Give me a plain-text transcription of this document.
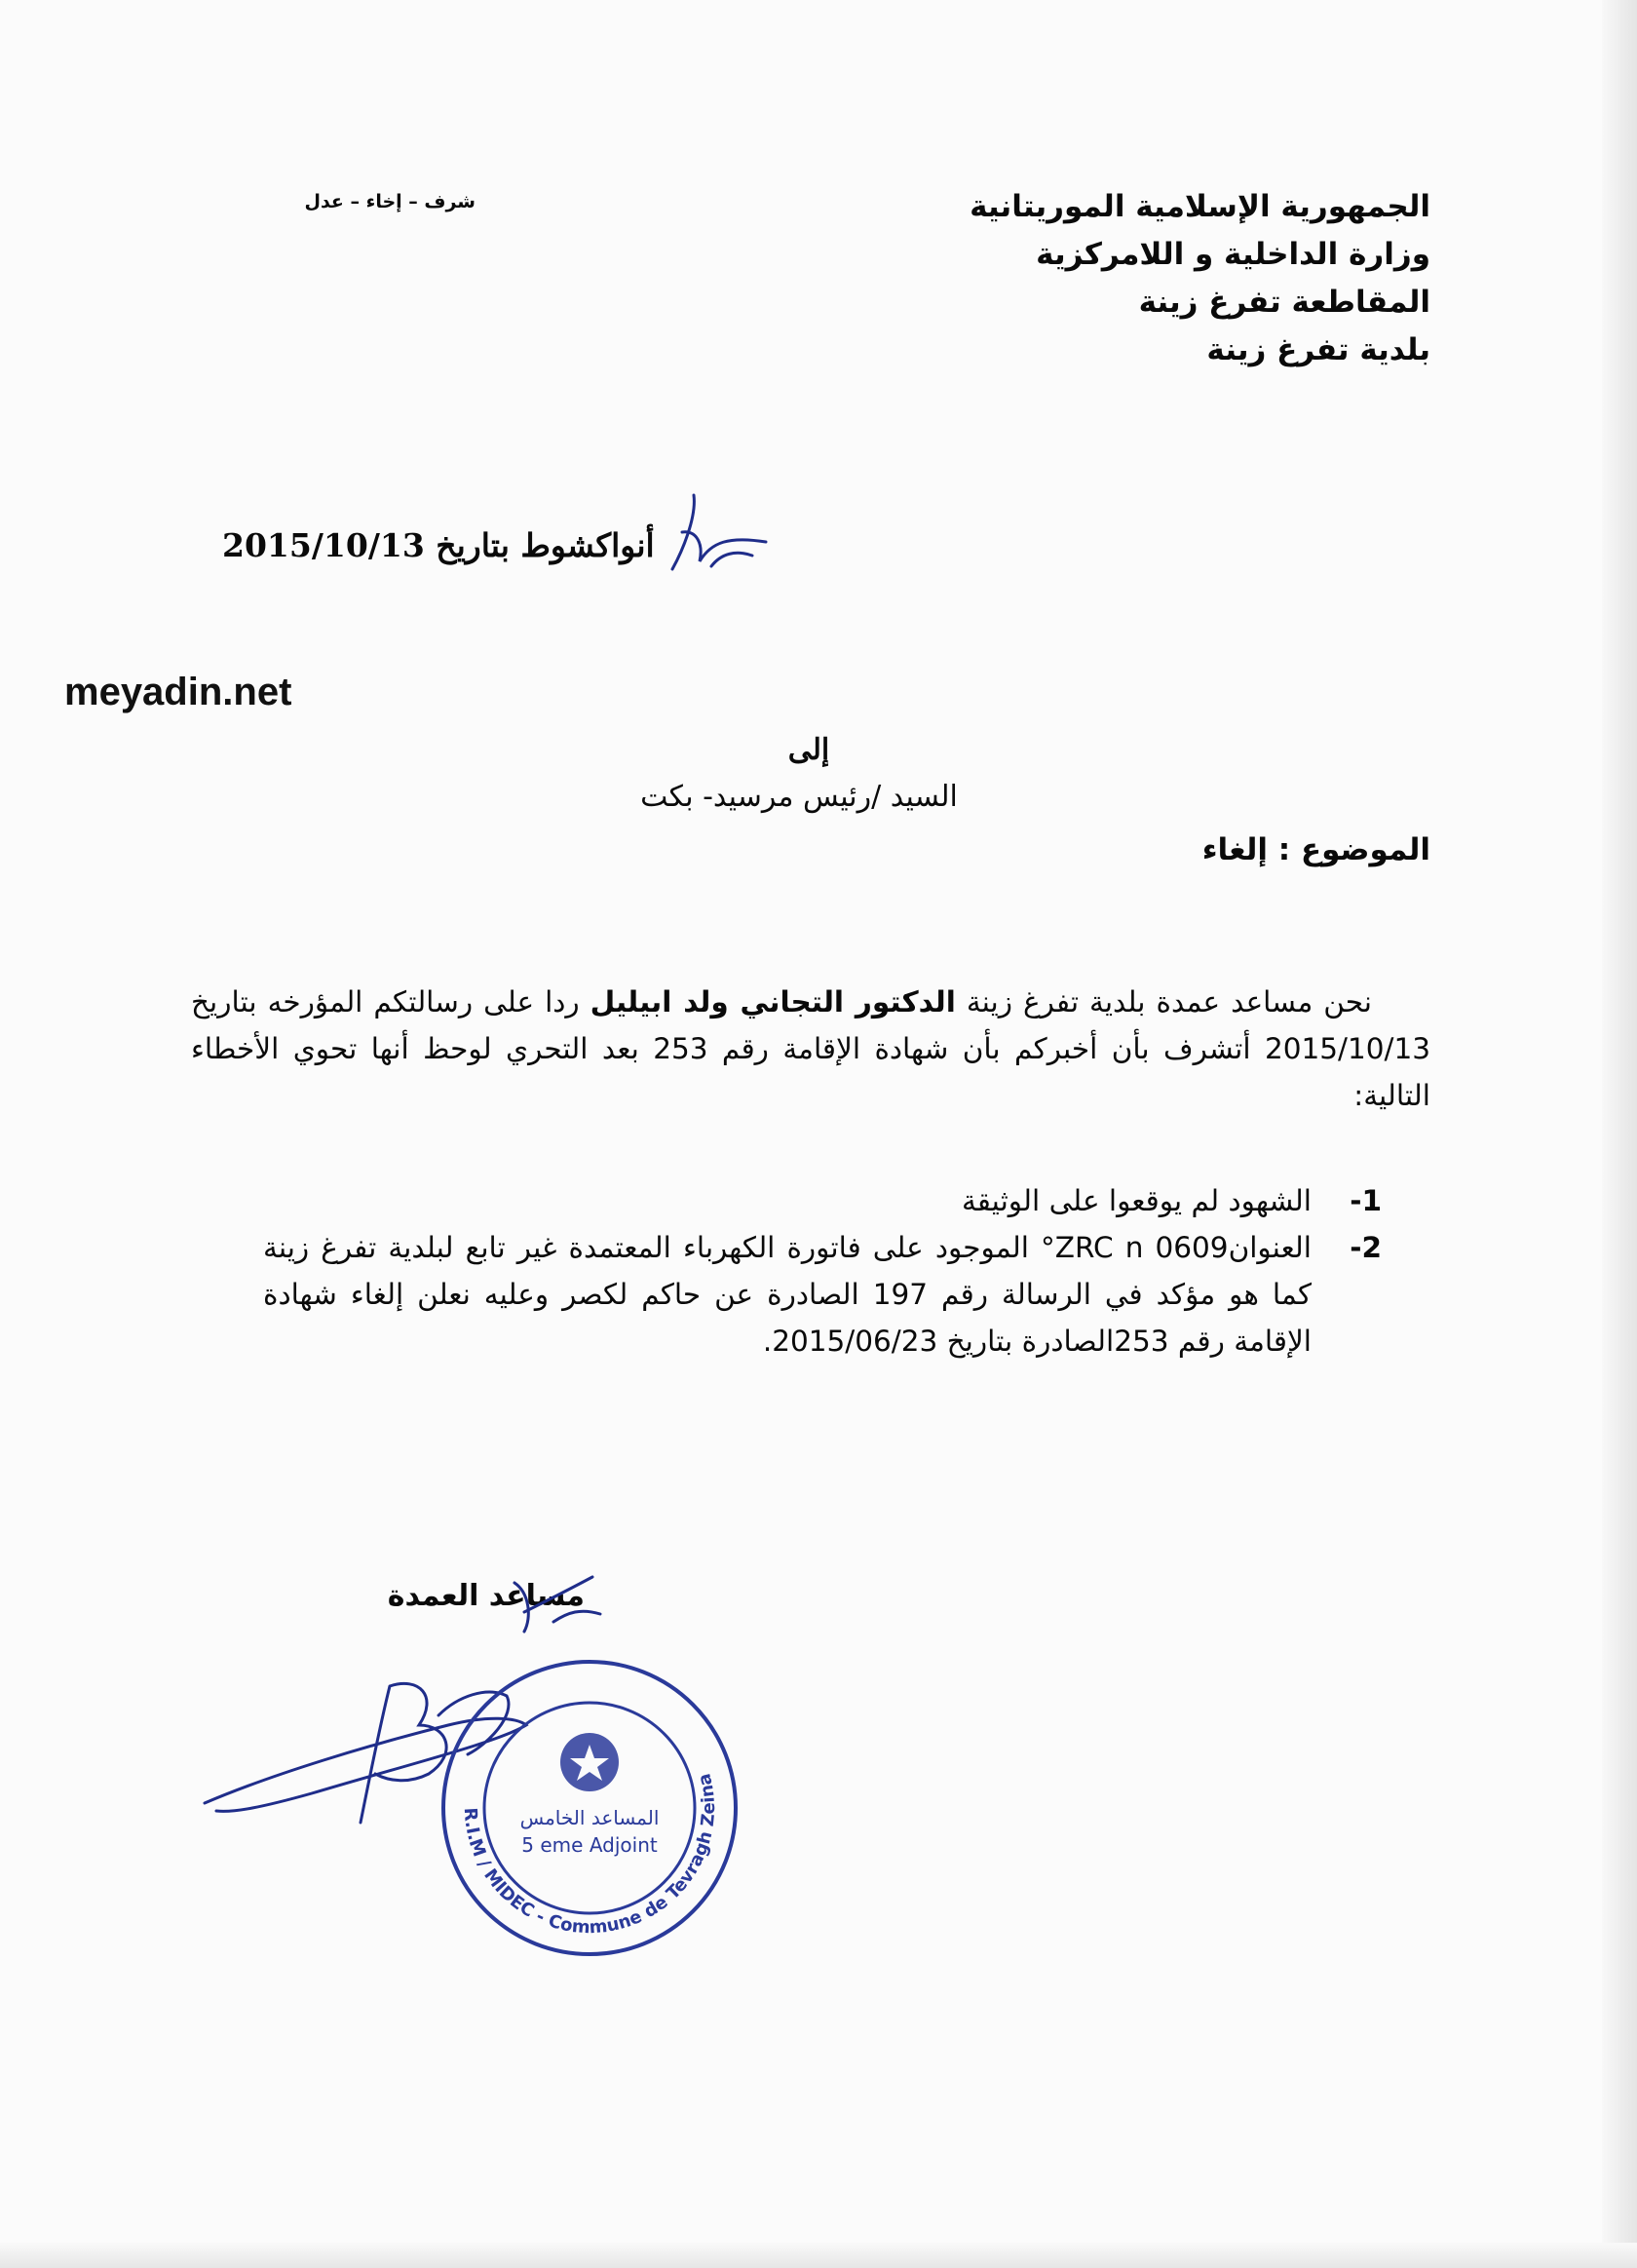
شرف – إخاء – عدل	الجمهورية الإسلامية الموريتانية
وزارة الداخلية و اللامركزية
المقاطعة تفرغ زينة
بلدية تفرغ زينة
أنواكشوط بتاريخ 2015/10/13
meyadin.net
إلى
السيد /رئيس مرسيد- بكت
الموضوع : إلغاء
نحن مساعد عمدة بلدية تفرغ زينة الدكتور التجاني ولد ابيليل ردا على رسالتكم المؤرخه بتاريخ 2015/10/13 أتشرف بأن أخبركم بأن شهادة الإقامة رقم 253 بعد التحري لوحظ أنها تحوي الأخطاء التالية:
1-
الشهود لم يوقعوا على الوثيقة
2-
العنوان0609 ZRC n° الموجود على فاتورة الكهرباء المعتمدة غير تابع لبلدية تفرغ زينة كما هو مؤكد في الرسالة رقم 197 الصادرة عن حاكم لكصر وعليه نعلن إلغاء شهادة الإقامة رقم 253الصادرة بتاريخ 2015/06/23.
مساعد العمدة
R.I.M / MIDEC - Commune de Tevragh Zeina
المساعد الخامس
5 eme Adjoint
